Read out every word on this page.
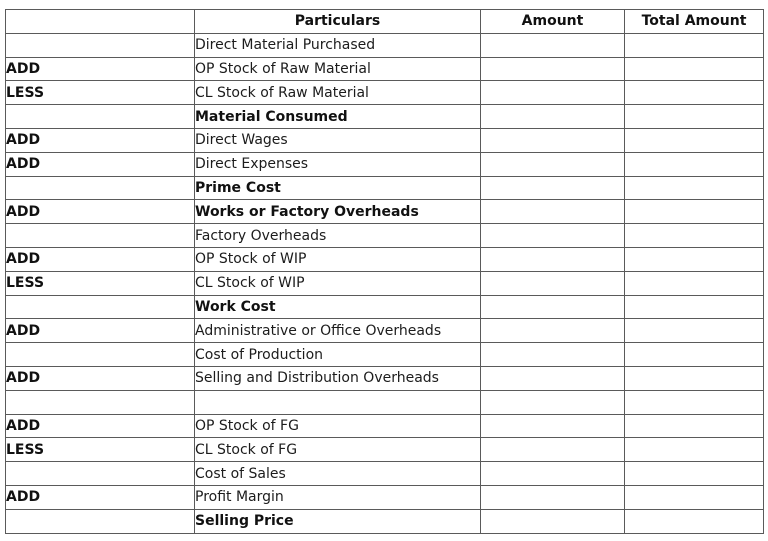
	Particulars	Amount	Total Amount
	Direct Material Purchased		
ADD	OP Stock of Raw Material		
LESS	CL Stock of Raw Material		
	Material Consumed		
ADD	Direct Wages		
ADD	Direct Expenses		
	Prime Cost		
ADD	Works or Factory Overheads		
	Factory Overheads		
ADD	OP Stock of WIP		
LESS	CL Stock of WIP		
	Work Cost		
ADD	Administrative or Office Overheads		
	Cost of Production		
ADD	Selling and Distribution Overheads		

ADD	OP Stock of FG		
LESS	CL Stock of FG		
	Cost of Sales		
ADD	Profit Margin		
	Selling Price		
